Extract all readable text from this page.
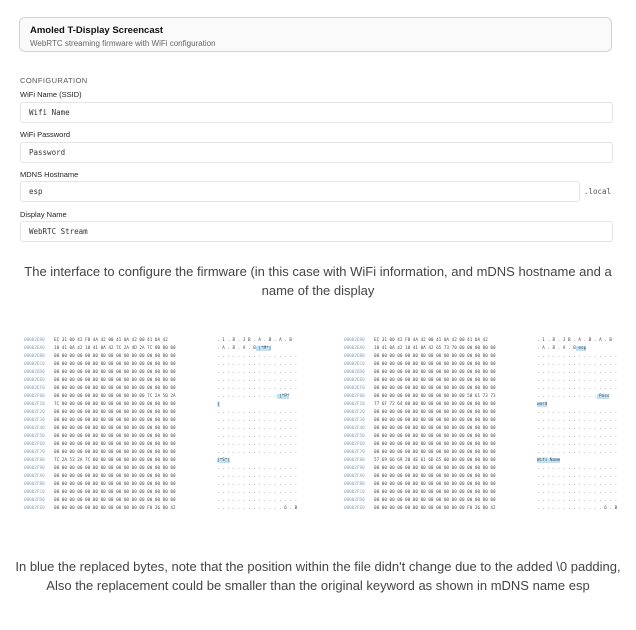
Amoled T-Display Screencast
WebRTC streaming firmware with WiFi configuration
CONFIGURATION
WiFi Name (SSID)
Wifi Name
WiFi Password
Password
MDNS Hostname
esp
.local
Display Name
WebRTC Stream
The interface to configure the firmware (in this case with WiFi information, and mDNS hostname and a name of the display
00002E90	EC 31 00 42 F0 4A 42 00 41 0A 42 00 41 0A 42	. 1 . B . J B . A . B . A . B
00002EA0	10 41 0A 42 10 41 0A 42 7C 2A 4D 2A 7C 00 00 00	. A . B . A . B |*M*|
00002EB0	00 00 00 00 00 00 00 00 00 00 00 00 00 00 00 00	. . . . . . . . . . . . . . . .
00002EC0	00 00 00 00 00 00 00 00 00 00 00 00 00 00 00 00	. . . . . . . . . . . . . . . .
00002ED0	00 00 00 00 00 00 00 00 00 00 00 00 00 00 00 00	. . . . . . . . . . . . . . . .
00002EE0	00 00 00 00 00 00 00 00 00 00 00 00 00 00 00 00	. . . . . . . . . . . . . . . .
00002EF0	00 00 00 00 00 00 00 00 00 00 00 00 00 00 00 00	. . . . . . . . . . . . . . . .
00002F00	00 00 00 00 00 00 00 00 00 00 00 00 7C 2A 50 2A	. . . . . . . . . . . . |*P*
00002F10	7C 00 00 00 00 00 00 00 00 00 00 00 00 00 00 00	|
00002F20	00 00 00 00 00 00 00 00 00 00 00 00 00 00 00 00	. . . . . . . . . . . . . . . .
00002F30	00 00 00 00 00 00 00 00 00 00 00 00 00 00 00 00	. . . . . . . . . . . . . . . .
00002F40	00 00 00 00 00 00 00 00 00 00 00 00 00 00 00 00	. . . . . . . . . . . . . . . .
00002F50	00 00 00 00 00 00 00 00 00 00 00 00 00 00 00 00	. . . . . . . . . . . . . . . .
00002F60	00 00 00 00 00 00 00 00 00 00 00 00 00 00 00 00	. . . . . . . . . . . . . . . .
00002F70	00 00 00 00 00 00 00 00 00 00 00 00 00 00 00 00	. . . . . . . . . . . . . . . .
00002F80	7C 2A 53 2A 7C 00 00 00 00 00 00 00 00 00 00 00	|*S*|
00002F90	00 00 00 00 00 00 00 00 00 00 00 00 00 00 00 00	. . . . . . . . . . . . . . . .
00002FA0	00 00 00 00 00 00 00 00 00 00 00 00 00 00 00 00	. . . . . . . . . . . . . . . .
00002FB0	00 00 00 00 00 00 00 00 00 00 00 00 00 00 00 00	. . . . . . . . . . . . . . . .
00002FC0	00 00 00 00 00 00 00 00 00 00 00 00 00 00 00 00	. . . . . . . . . . . . . . . .
00002FD0	00 00 00 00 00 00 00 00 00 00 00 00 00 00 00 00	. . . . . . . . . . . . . . . .
00002FE0	00 00 00 00 00 00 00 00 00 00 00 00 F0 36 00 42	. . . . . . . . . . . . . 6 . B
00002E90	EC 31 00 42 F0 4A 42 00 41 0A 42 00 41 0A 42	. 1 . B . J B . A . B . A . B
00002EA0	10 41 0A 42 10 41 0A 42 65 73 70 00 00 00 00 00	. A . B . A . B esp
00002EB0	00 00 00 00 00 00 00 00 00 00 00 00 00 00 00 00	. . . . . . . . . . . . . . . .
00002EC0	00 00 00 00 00 00 00 00 00 00 00 00 00 00 00 00	. . . . . . . . . . . . . . . .
00002ED0	00 00 00 00 00 00 00 00 00 00 00 00 00 00 00 00	. . . . . . . . . . . . . . . .
00002EE0	00 00 00 00 00 00 00 00 00 00 00 00 00 00 00 00	. . . . . . . . . . . . . . . .
00002EF0	00 00 00 00 00 00 00 00 00 00 00 00 00 00 00 00	. . . . . . . . . . . . . . . .
00002F00	00 00 00 00 00 00 00 00 00 00 00 00 50 61 73 73	. . . . . . . . . . . . Pass
00002F10	77 6F 72 64 00 00 00 00 00 00 00 00 00 00 00 00	word
00002F20	00 00 00 00 00 00 00 00 00 00 00 00 00 00 00 00	. . . . . . . . . . . . . . . .
00002F30	00 00 00 00 00 00 00 00 00 00 00 00 00 00 00 00	. . . . . . . . . . . . . . . .
00002F40	00 00 00 00 00 00 00 00 00 00 00 00 00 00 00 00	. . . . . . . . . . . . . . . .
00002F50	00 00 00 00 00 00 00 00 00 00 00 00 00 00 00 00	. . . . . . . . . . . . . . . .
00002F60	00 00 00 00 00 00 00 00 00 00 00 00 00 00 00 00	. . . . . . . . . . . . . . . .
00002F70	00 00 00 00 00 00 00 00 00 00 00 00 00 00 00 00	. . . . . . . . . . . . . . . .
00002F80	57 69 66 69 20 4E 61 6D 65 00 00 00 00 00 00 00	Wifi Name
00002F90	00 00 00 00 00 00 00 00 00 00 00 00 00 00 00 00	. . . . . . . . . . . . . . . .
00002FA0	00 00 00 00 00 00 00 00 00 00 00 00 00 00 00 00	. . . . . . . . . . . . . . . .
00002FB0	00 00 00 00 00 00 00 00 00 00 00 00 00 00 00 00	. . . . . . . . . . . . . . . .
00002FC0	00 00 00 00 00 00 00 00 00 00 00 00 00 00 00 00	. . . . . . . . . . . . . . . .
00002FD0	00 00 00 00 00 00 00 00 00 00 00 00 00 00 00 00	. . . . . . . . . . . . . . . .
00002FE0	00 00 00 00 00 00 00 00 00 00 00 00 F0 36 00 42	. . . . . . . . . . . . . 6 . B
In blue the replaced bytes, note that the position within the file didn't change due to the added \0 padding, Also the replacement could be smaller than the original keyword as shown in mDNS name esp
